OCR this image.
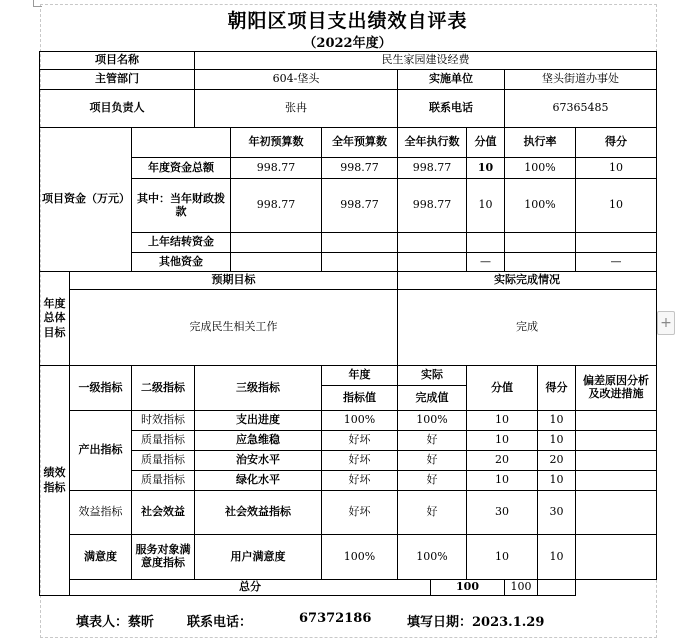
朝阳区项目支出绩效自评表
（2022年度）
项目名称			民生家园建设经费								
主管部门			604-垡头			实施单位			垡头街道办事处		
项目负责人			张冉			联系电话			67365485		
项目资金（万元）				年初预算数	全年预算数	全年执行数		分值	执行率		得分
		年度资金总额		998.77	998.77	998.77		10	100%		10
		其中：当年财政拨款		998.77	998.77	998.77		10	100%		10
		上年结转资金									
		其他资金						—			—
年度总体目标	预期目标					实际完成情况					
	完成民生相关工作					完成					
绩效指标	一级指标	二级指标	三级指标		年度	实际		分值		得分	偏差原因分析及改进措施
					指标值	完成值					
	产出指标	时效指标	支出进度		100%	100%		10		10	
		质量指标	应急维稳		好坏	好		10		10	
		质量指标	治安水平		好坏	好		20		20	
		质量指标	绿化水平		好坏	好		10		10	
	效益指标	社会效益	社会效益指标		好坏	好		30		30	
	满意度	服务对象满意度指标	用户满意度		100%	100%		10		10	
	总分						100		100		
填表人：蔡昕	联系电话：	67372186	填写日期：2023.1.29
+
